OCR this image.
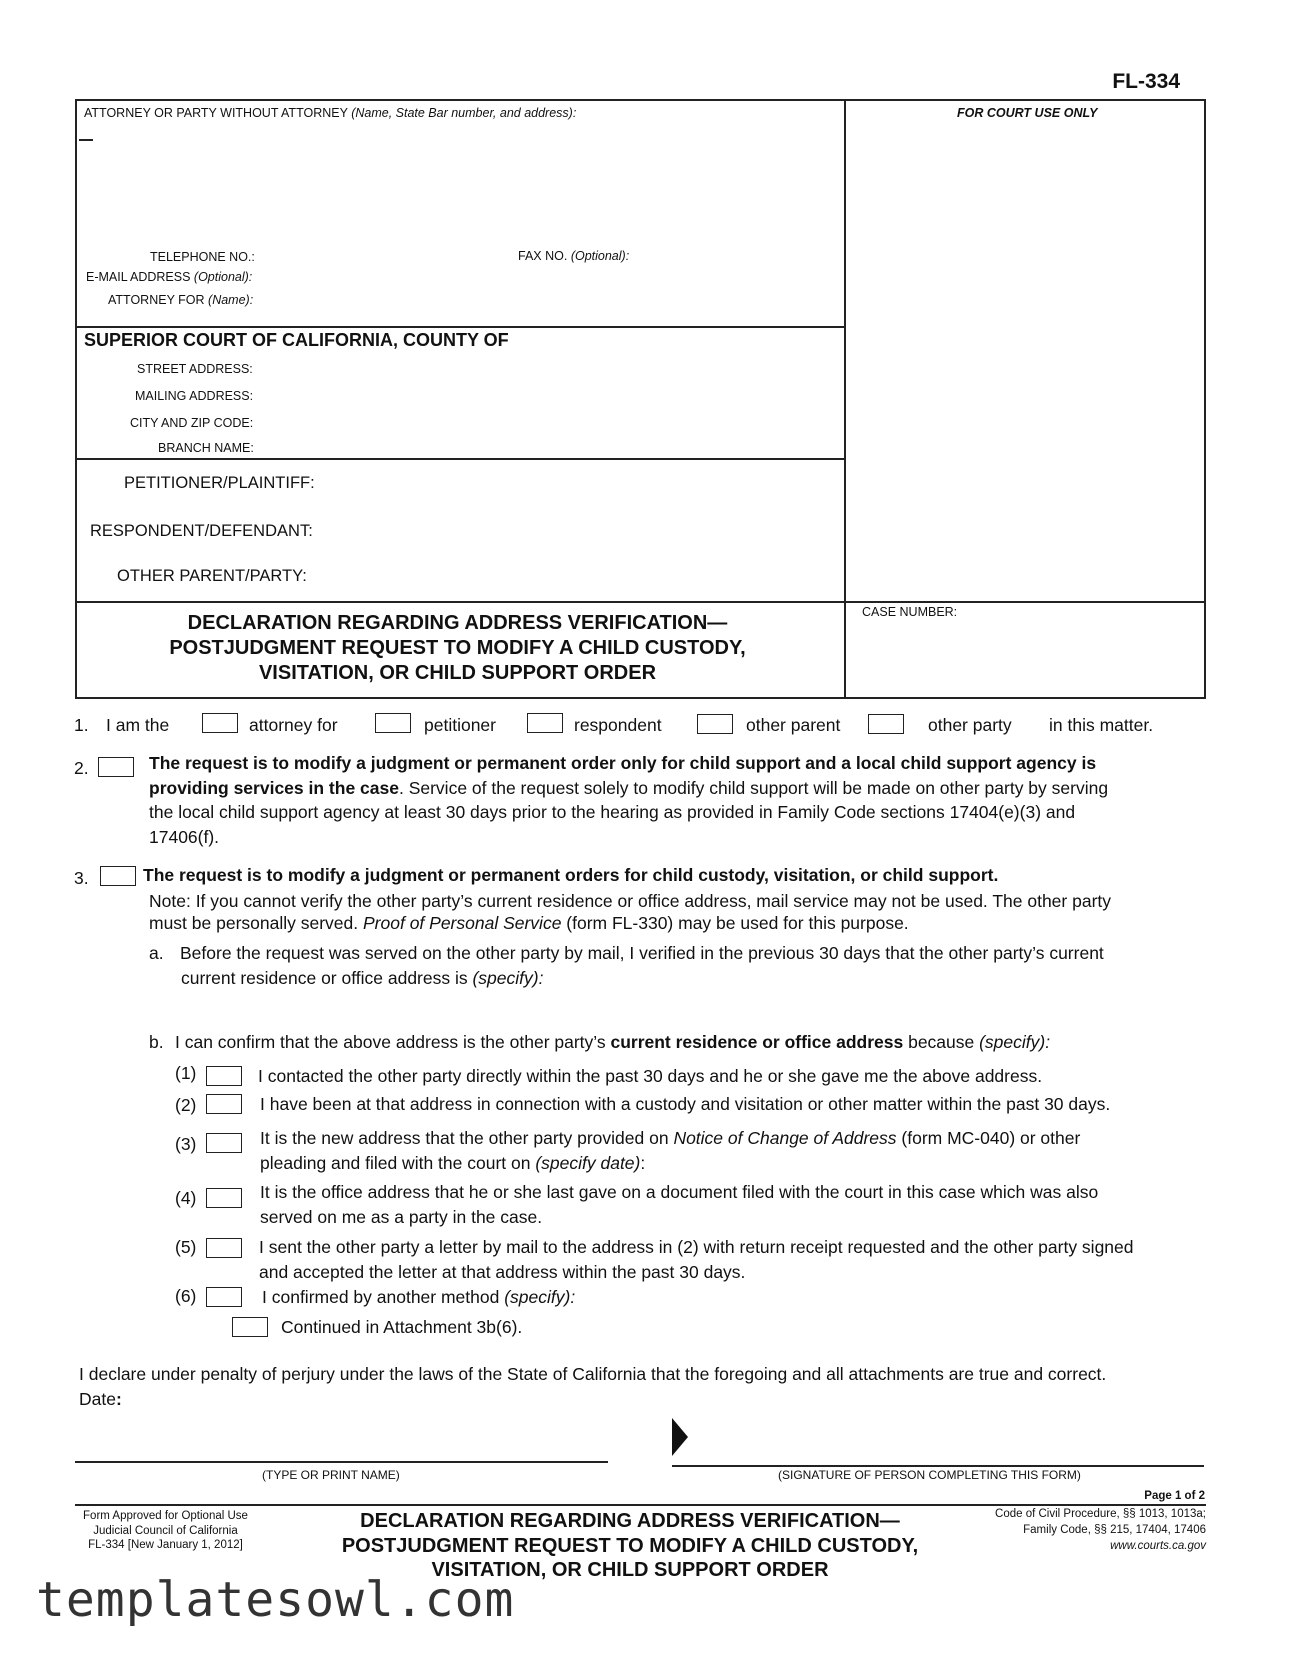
FL-334
ATTORNEY OR PARTY WITHOUT ATTORNEY (Name, State Bar number, and address):	FOR COURT USE ONLY
TELEPHONE NO.:	FAX NO. (Optional):
E-MAIL ADDRESS (Optional):
ATTORNEY FOR (Name):
SUPERIOR COURT OF CALIFORNIA, COUNTY OF
STREET ADDRESS:
MAILING ADDRESS:
CITY AND ZIP CODE:
BRANCH NAME:
PETITIONER/PLAINTIFF:
RESPONDENT/DEFENDANT:
OTHER PARENT/PARTY:
DECLARATION REGARDING ADDRESS VERIFICATION—
POSTJUDGMENT REQUEST TO MODIFY A CHILD CUSTODY,
VISITATION, OR CHILD SUPPORT ORDER
CASE NUMBER:
1. I am the	attorney for	petitioner	respondent	other parent	other party in this matter.
2.	The request is to modify a judgment or permanent order only for child support and a local child support agency is
providing services in the case. Service of the request solely to modify child support will be made on other party by serving
the local child support agency at least 30 days prior to the hearing as provided in Family Code sections 17404(e)(3) and
17406(f).
3.	The request is to modify a judgment or permanent orders for child custody, visitation, or child support.
Note: If you cannot verify the other party’s current residence or office address, mail service may not be used. The other party
must be personally served. Proof of Personal Service (form FL-330) may be used for this purpose.
a. Before the request was served on the other party by mail, I verified in the previous 30 days that the other party’s current
current residence or office address is (specify):
b. I can confirm that the above address is the other party’s current residence or office address because (specify):
(1)	I contacted the other party directly within the past 30 days and he or she gave me the above address.
(2)	I have been at that address in connection with a custody and visitation or other matter within the past 30 days.
(3)	It is the new address that the other party provided on Notice of Change of Address (form MC-040) or other
pleading and filed with the court on (specify date):
(4)	It is the office address that he or she last gave on a document filed with the court in this case which was also
served on me as a party in the case.
(5)	I sent the other party a letter by mail to the address in (2) with return receipt requested and the other party signed
and accepted the letter at that address within the past 30 days.
(6)	I confirmed by another method (specify):
Continued in Attachment 3b(6).
I declare under penalty of perjury under the laws of the State of California that the foregoing and all attachments are true and correct.
Date:
(TYPE OR PRINT NAME)	(SIGNATURE OF PERSON COMPLETING THIS FORM)
Page 1 of 2
Form Approved for Optional Use
Judicial Council of California
FL-334 [New January 1, 2012]
DECLARATION REGARDING ADDRESS VERIFICATION—
POSTJUDGMENT REQUEST TO MODIFY A CHILD CUSTODY,
VISITATION, OR CHILD SUPPORT ORDER
Code of Civil Procedure, §§ 1013, 1013a;
Family Code, §§ 215, 17404, 17406
www.courts.ca.gov
templatesowl.com
